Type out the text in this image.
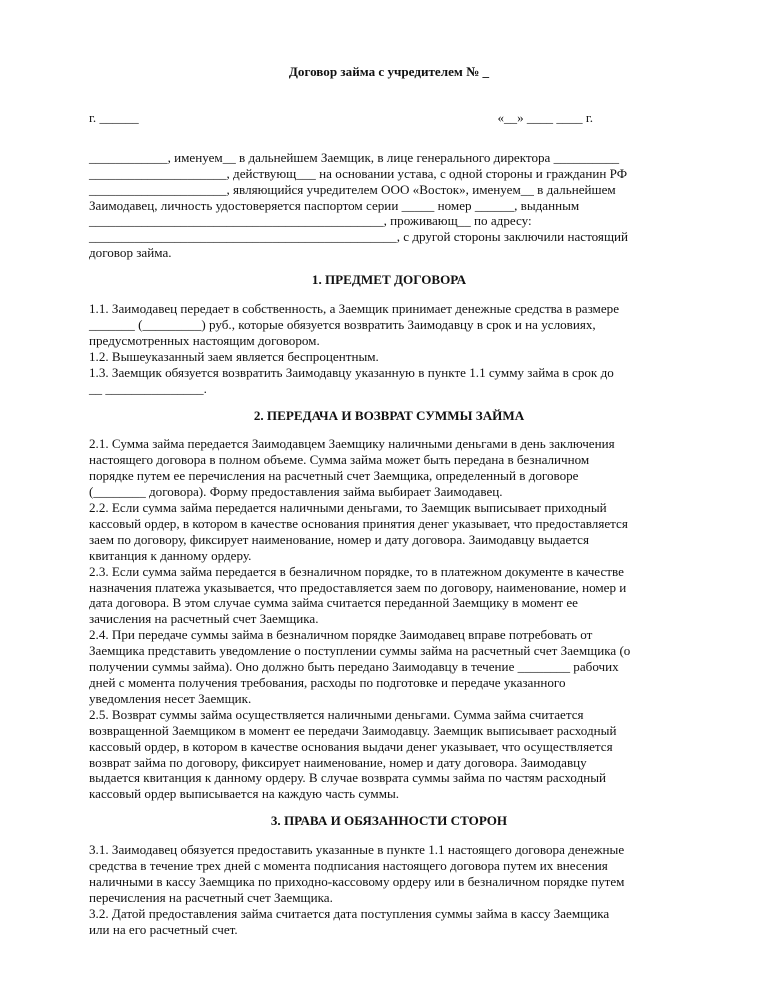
Договор займа с учредителем № _
г. ______	«__» ____ ____ г.
____________, именуем__ в дальнейшем Заемщик, в лице генерального директора __________
_____________________, действующ___ на основании устава, с одной стороны и гражданин РФ
_____________________, являющийся учредителем ООО «Восток», именуем__ в дальнейшем
Заимодавец, личность удостоверяется паспортом серии _____ номер ______, выданным
_____________________________________________, проживающ__ по адресу:
_______________________________________________, с другой стороны заключили настоящий
договор займа.
1. ПРЕДМЕТ ДОГОВОРА
1.1. Заимодавец передает в собственность, а Заемщик принимает денежные средства в размере
_______ (_________) руб., которые обязуется возвратить Заимодавцу в срок и на условиях,
предусмотренных настоящим договором.
1.2. Вышеуказанный заем является беспроцентным.
1.3. Заемщик обязуется возвратить Заимодавцу указанную в пункте 1.1 сумму займа в срок до
__ _______________.
2. ПЕРЕДАЧА И ВОЗВРАТ СУММЫ ЗАЙМА
2.1. Сумма займа передается Заимодавцем Заемщику наличными деньгами в день заключения
настоящего договора в полном объеме. Сумма займа может быть передана в безналичном
порядке путем ее перечисления на расчетный счет Заемщика, определенный в договоре
(________ договора). Форму предоставления займа выбирает Заимодавец.
2.2. Если сумма займа передается наличными деньгами, то Заемщик выписывает приходный
кассовый ордер, в котором в качестве основания принятия денег указывает, что предоставляется
заем по договору, фиксирует наименование, номер и дату договора. Заимодавцу выдается
квитанция к данному ордеру.
2.3. Если сумма займа передается в безналичном порядке, то в платежном документе в качестве
назначения платежа указывается, что предоставляется заем по договору, наименование, номер и
дата договора. В этом случае сумма займа считается переданной Заемщику в момент ее
зачисления на расчетный счет Заемщика.
2.4. При передаче суммы займа в безналичном порядке Заимодавец вправе потребовать от
Заемщика представить уведомление о поступлении суммы займа на расчетный счет Заемщика (о
получении суммы займа). Оно должно быть передано Заимодавцу в течение ________ рабочих
дней с момента получения требования, расходы по подготовке и передаче указанного
уведомления несет Заемщик.
2.5. Возврат суммы займа осуществляется наличными деньгами. Сумма займа считается
возвращенной Заемщиком в момент ее передачи Заимодавцу. Заемщик выписывает расходный
кассовый ордер, в котором в качестве основания выдачи денег указывает, что осуществляется
возврат займа по договору, фиксирует наименование, номер и дату договора. Заимодавцу
выдается квитанция к данному ордеру. В случае возврата суммы займа по частям расходный
кассовый ордер выписывается на каждую часть суммы.
3. ПРАВА И ОБЯЗАННОСТИ СТОРОН
3.1. Заимодавец обязуется предоставить указанные в пункте 1.1 настоящего договора денежные
средства в течение трех дней с момента подписания настоящего договора путем их внесения
наличными в кассу Заемщика по приходно-кассовому ордеру или в безналичном порядке путем
перечисления на расчетный счет Заемщика.
3.2. Датой предоставления займа считается дата поступления суммы займа в кассу Заемщика
или на его расчетный счет.
